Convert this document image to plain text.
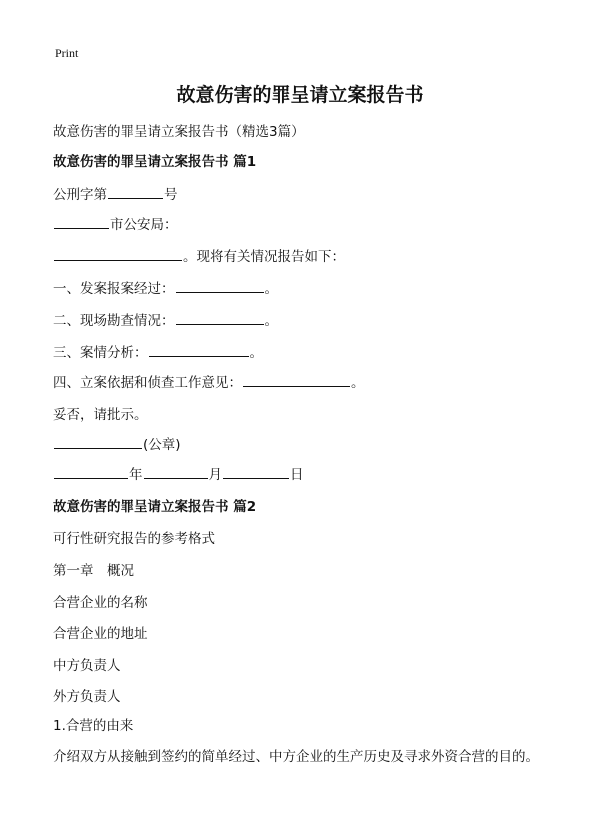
Print
故意伤害的罪呈请立案报告书
故意伤害的罪呈请立案报告书（精选3篇）
故意伤害的罪呈请立案报告书 篇1
公刑字第	号
市公安局：
。现将有关情况报告如下：
一、发案报案经过：	。
二、现场勘查情况：	。
三、案情分析：	。
四、立案依据和侦查工作意见：	。
妥否，请批示。
(公章)
年	月	日
故意伤害的罪呈请立案报告书 篇2
可行性研究报告的参考格式
第一章　概况
合营企业的名称
合营企业的地址
中方负责人
外方负责人
1.合营的由来
介绍双方从接触到签约的简单经过、中方企业的生产历史及寻求外资合营的目的。
